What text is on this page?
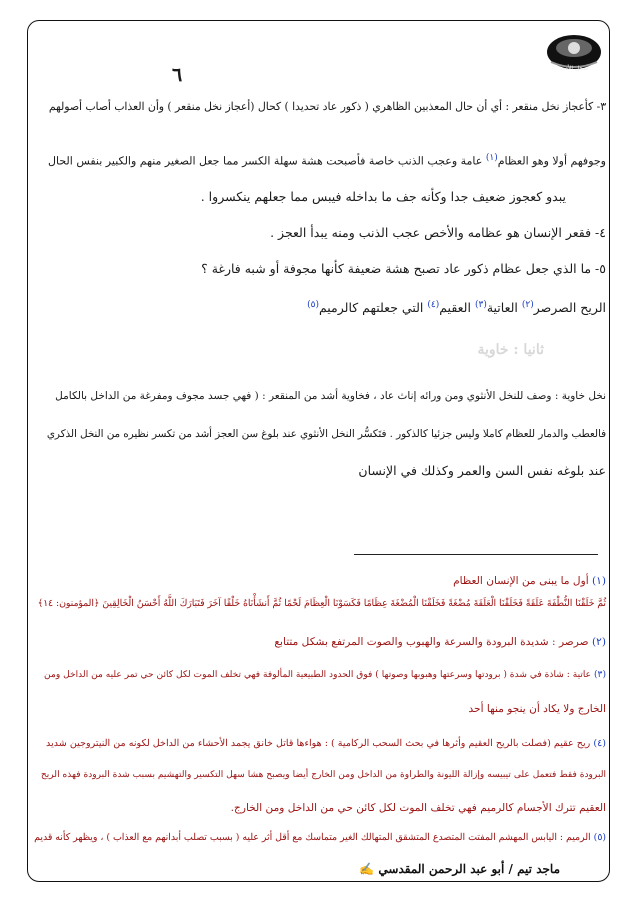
سجل الأدب
٦
٣- كأعجاز نخل منقعر : أي أن حال المعذبين الظاهري ( ذكور عاد تحديدا ) كحال (أعجاز نخل منقعر ) وأن العذاب أصاب أصولهم
وجوفهم أولا وهو العظام$^{(١)}$ عامة وعجب الذنب خاصة فأصبحت هشة سهلة الكسر مما جعل الصغير منهم والكبير بنفس الحال
يبدو كعجوز ضعيف جدا وكأنه جف ما بداخله فيبس مما جعلهم ينكسروا .
٤- فقعر الإنسان هو عظامه والأخص عجب الذنب ومنه يبدأ العجز .
٥- ما الذي جعل عظام ذكور عاد تصبح هشة ضعيفة كأنها مجوفة أو شبه فارغة ؟
الريح الصرصر$^{(٢)}$ العاتية$^{(٣)}$ العقيم$^{(٤)}$ التي جعلتهم كالرميم$^{(٥)}$
نخل خاوية : وصف للنخل الأنثوي ومن ورائه إناث عاد ، فخاوية أشد من المنقعر : ( فهي جسد مجوف ومفرغة من الداخل بالكامل
فالعطب والدمار للعظام كاملا وليس جزئيا كالذكور . فتَكسُّر النخل الأنثوي عند بلوغ سن العجز أشد من تكسر نظيره من النخل الذكري
عند بلوغه نفس السن والعمر وكذلك في الإنسان
ثانيا : خاوية
(١) أول ما يبنى من الإنسان العظام
ثُمَّ خَلَقْنَا النُّطْفَةَ عَلَقَةً فَخَلَقْنَا الْعَلَقَةَ مُضْغَةً فَخَلَقْنَا الْمُضْغَةَ عِظَامًا فَكَسَوْنَا الْعِظَامَ لَحْمًا ثُمَّ أَنشَأْنَاهُ خَلْقًا آخَرَ فَتَبَارَكَ اللَّهُ أَحْسَنُ الْخَالِقِينَ ﴿المؤمنون: ١٤﴾
(٢) صرصر : شديدة البرودة والسرعة والهبوب والصوت المرتفع بشكل متتابع
(٣) عاتية : شاذة في شدة ( برودتها وسرعتها وهبوبها وصوتها ) فوق الحدود الطبيعية المألوفة فهي تخلف الموت لكل كائن حي تمر عليه من الداخل ومن
الخارج ولا يكاد أن ينجو منها أحد
(٤) ريح عقيم (فصلت بالريح العقيم وأثرها في بحث السحب الركامية ) : هواءها قاتل خانق يجمد الأحشاء من الداخل لكونه من النيتروجين شديد
البرودة فقط فتعمل على تيبيسه وإزالة الليونة والطراوة من الداخل ومن الخارج أيضا ويصبح هشا سهل التكسير والتهشيم بسبب شدة البرودة فهذه الريح
العقيم تترك الأجسام كالرميم فهي تخلف الموت لكل كائن حي من الداخل ومن الخارج.
(٥) الرميم : اليابس المهشم المفتت المتصدع المتشقق المتهالك الغير متماسك مع أقل أثر عليه ( بسبب تصلب أبدانهم مع العذاب ) ، ويظهر كأنه قديم
ماجد تيم / أبو عبد الرحمن المقدسي ✍
